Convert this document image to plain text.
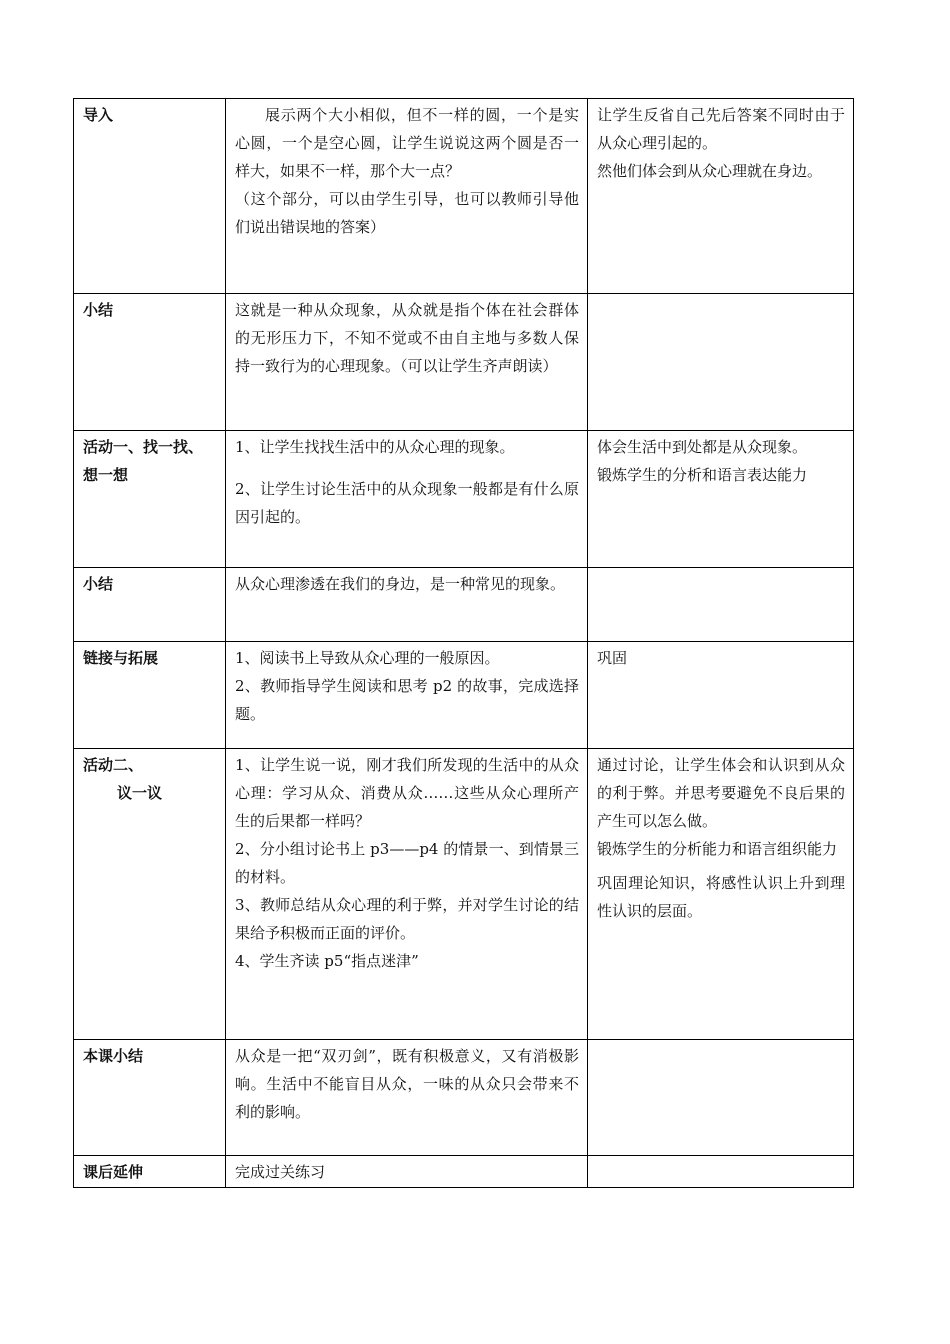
导入	展示两个大小相似，但不一样的圆，一个是实心圆，一个是空心圆，让学生说说这两个圆是否一样大，如果不一样，那个大一点？
（这个部分，可以由学生引导，也可以教师引导他们说出错误地的答案）	让学生反省自己先后答案不同时由于从众心理引起的。
然他们体会到从众心理就在身边。

小结	这就是一种从众现象，从众就是指个体在社会群体的无形压力下，不知不觉或不由自主地与多数人保持一致行为的心理现象。（可以让学生齐声朗读）	

活动一、找一找、
想一想	1、让学生找找生活中的从众心理的现象。
2、让学生讨论生活中的从众现象一般都是有什么原因引起的。	体会生活中到处都是从众现象。
锻炼学生的分析和语言表达能力

小结	从众心理渗透在我们的身边，是一种常见的现象。	

链接与拓展	1、阅读书上导致从众心理的一般原因。
2、教师指导学生阅读和思考 p2 的故事，完成选择题。	巩固

活动二、
议一议	1、让学生说一说，刚才我们所发现的生活中的从众心理：学习从众、消费从众……这些从众心理所产生的后果都一样吗？
2、分小组讨论书上 p3——p4 的情景一、到情景三的材料。
3、教师总结从众心理的利于弊，并对学生讨论的结果给予积极而正面的评价。
4、学生齐读 p5“指点迷津”	通过讨论，让学生体会和认识到从众的利于弊。并思考要避免不良后果的产生可以怎么做。
锻炼学生的分析能力和语言组织能力
巩固理论知识，将感性认识上升到理性认识的层面。

本课小结	从众是一把“双刃剑”，既有积极意义，又有消极影响。生活中不能盲目从众，一味的从众只会带来不利的影响。	

课后延伸	完成过关练习	
